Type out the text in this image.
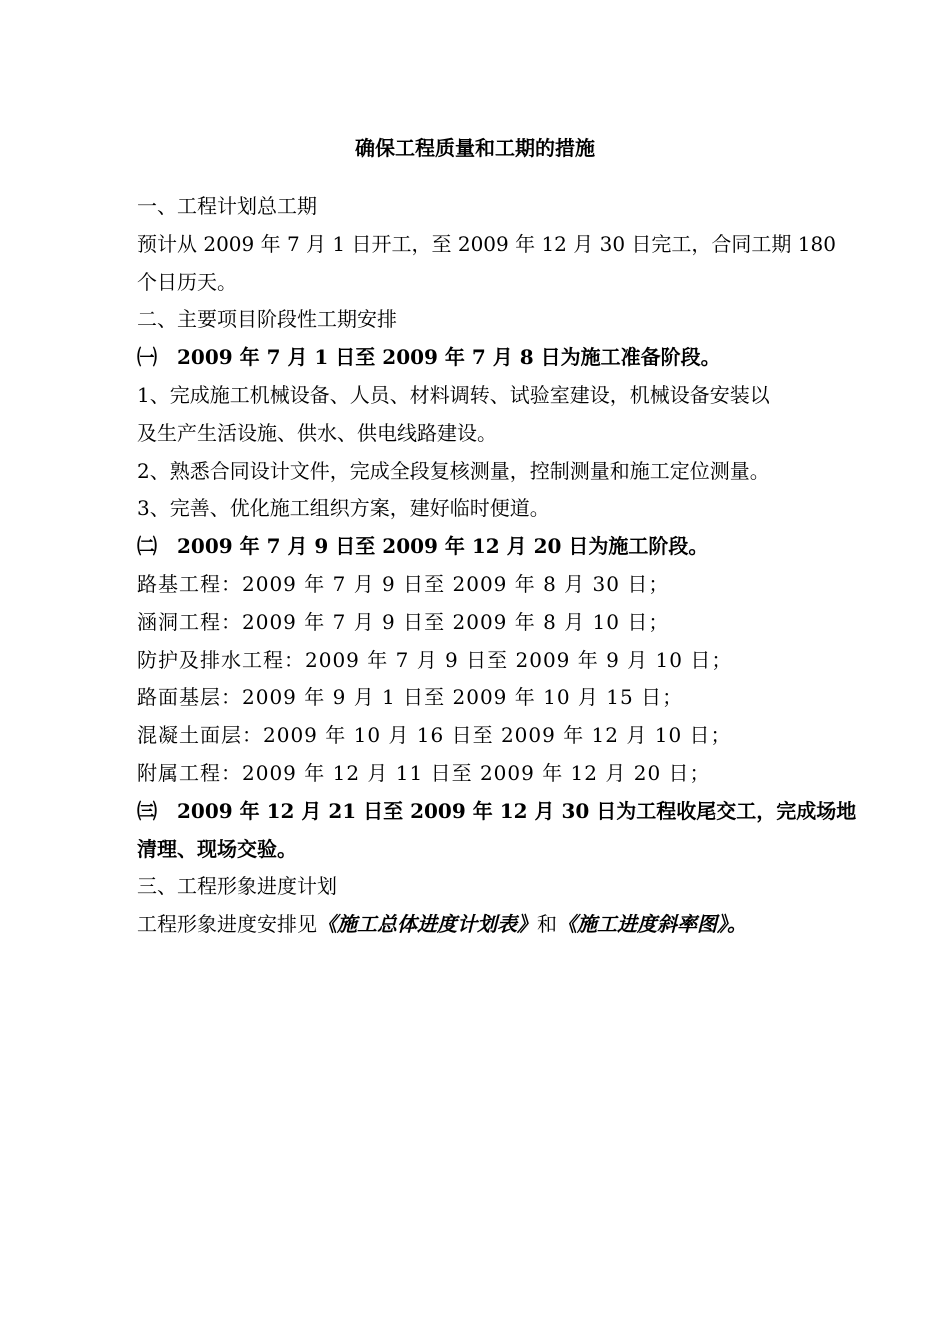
确保工程质量和工期的措施
一、工程计划总工期
预计从 2009 年 7 月 1 日开工，至 2009 年 12 月 30 日完工，合同工期 180
个日历天。
二、主要项目阶段性工期安排
㈠　2009 年 7 月 1 日至 2009 年 7 月 8 日为施工准备阶段。
1、完成施工机械设备、人员、材料调转、试验室建设，机械设备安装以
及生产生活设施、供水、供电线路建设。
2、熟悉合同设计文件，完成全段复核测量，控制测量和施工定位测量。
3、完善、优化施工组织方案，建好临时便道。
㈡　2009 年 7 月 9 日至 2009 年 12 月 20 日为施工阶段。
路基工程：2009 年 7 月 9 日至 2009 年 8 月 30 日；
涵洞工程：2009 年 7 月 9 日至 2009 年 8 月 10 日；
防护及排水工程：2009 年 7 月 9 日至 2009 年 9 月 10 日；
路面基层：2009 年 9 月 1 日至 2009 年 10 月 15 日；
混凝土面层：2009 年 10 月 16 日至 2009 年 12 月 10 日；
附属工程：2009 年 12 月 11 日至 2009 年 12 月 20 日；
㈢　2009 年 12 月 21 日至 2009 年 12 月 30 日为工程收尾交工，完成场地
清理、现场交验。
三、工程形象进度计划
工程形象进度安排见《施工总体进度计划表》和《施工进度斜率图》。
